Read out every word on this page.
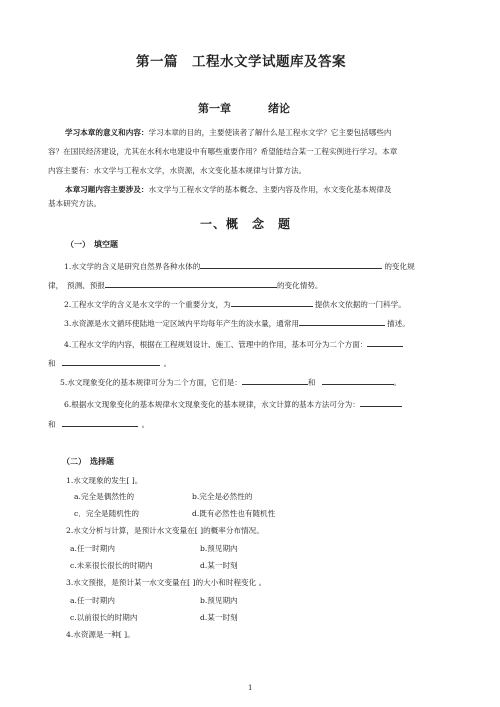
第一篇　工程水文学试题库及答案
第一章	绪论
学习本章的意义和内容：学习本章的目的，主要使读者了解什么是工程水文学？它主要包括哪些内
容？在国民经济建设，尤其在水利水电建设中有哪些重要作用？希望能结合某一工程实例进行学习。本章
内容主要有：水文学与工程水文学，水资源，水文变化基本规律与计算方法。
本章习题内容主要涉及：水文学与工程水文学的基本概念、主要内容及作用，水文变化基本规律及
基本研究方法。
一、概　念　题
（一）　填空题
1.水文学的含义是研究自然界各种水体的	的变化规
律，　预测、预报	的变化情势。
2.工程水文学的含义是水文学的一个重要分支，为	提供水文依据的一门科学。
3.水资源是水文循环使陆地一定区域内平均每年产生的淡水量，通常用	描述。
4.工程水文学的内容，根据在工程规划设计、施工、管理中的作用，基本可分为二个方面：
和	。
5.水文现象变化的基本规律可分为二个方面，它们是：	和	。
6.根据水文现象变化的基本规律水文现象变化的基本规律，水文计算的基本方法可分为：
和	。
（二）　选择题
1.水文现象的发生[ ]。
a.完全是偶然性的	b.完全是必然性的
c．完全是随机性的	d.既有必然性也有随机性
2.水文分析与计算，是预计水文变量在[ ]的概率分布情况。
a.任一时期内	b.预见期内
c.未来很长很长的时期内	d.某一时刻
3.水文预报，是预计某一水文变量在[ ]的大小和时程变化 。
a.任一时期内	b.预见期内
c.以前很长的时期内	d.某一时刻
4.水资源是一种[ ]。
1
